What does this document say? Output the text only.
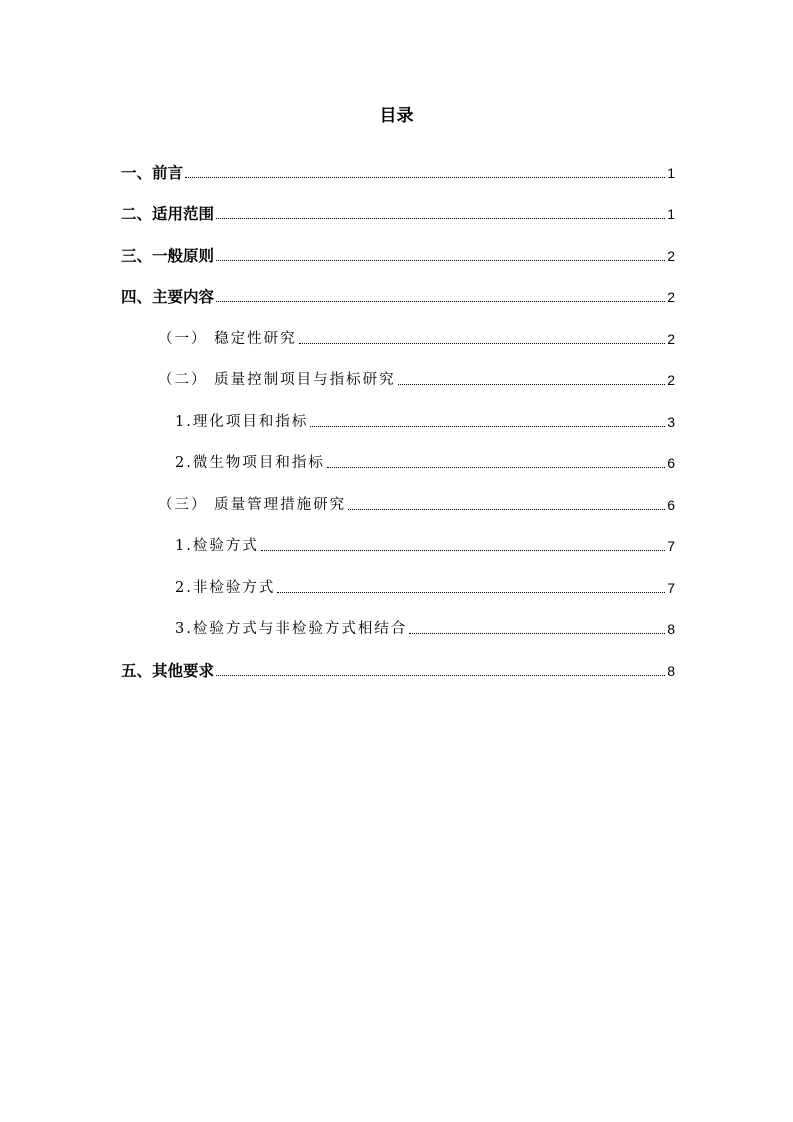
目录
一、前言	1
二、适用范围	1
三、一般原则	2
四、主要内容	2
（一） 稳定性研究	2
（二） 质量控制项目与指标研究	2
1.理化项目和指标	3
2.微生物项目和指标	6
（三） 质量管理措施研究	6
1.检验方式	7
2.非检验方式	7
3.检验方式与非检验方式相结合	8
五、其他要求	8
